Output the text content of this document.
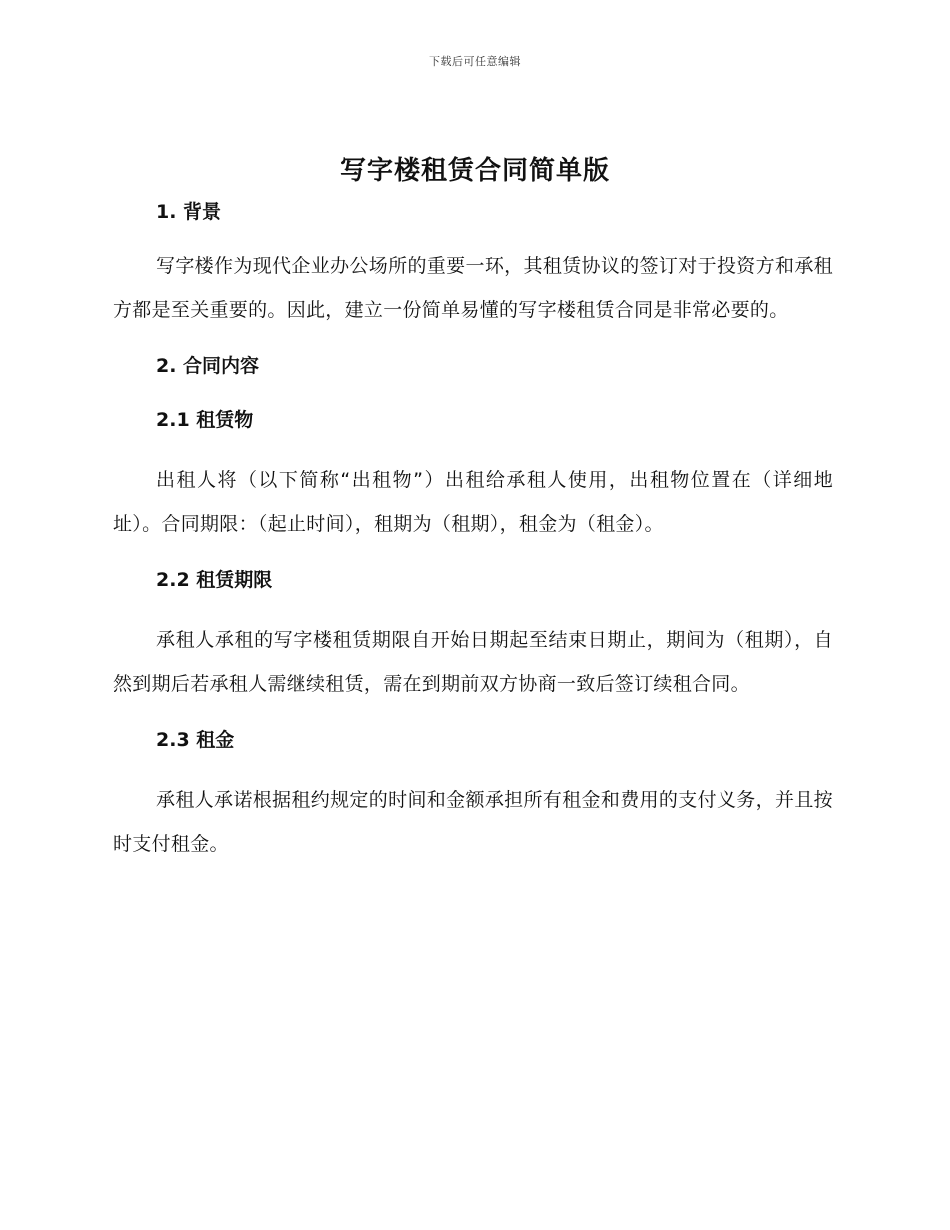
下载后可任意编辑
写字楼租赁合同简单版
1. 背景

写字楼作为现代企业办公场所的重要一环，其租赁协议的签订对于投资方和承租方都是至关重要的。因此，建立一份简单易懂的写字楼租赁合同是非常必要的。

2. 合同内容
2.1 租赁物

出租人将（以下简称“出租物”）出租给承租人使用，出租物位置在（详细地址）。合同期限：（起止时间），租期为（租期），租金为（租金）。

2.2 租赁期限

承租人承租的写字楼租赁期限自开始日期起至结束日期止，期间为（租期），自然到期后若承租人需继续租赁，需在到期前双方协商一致后签订续租合同。

2.3 租金

承租人承诺根据租约规定的时间和金额承担所有租金和费用的支付义务，并且按时支付租金。
